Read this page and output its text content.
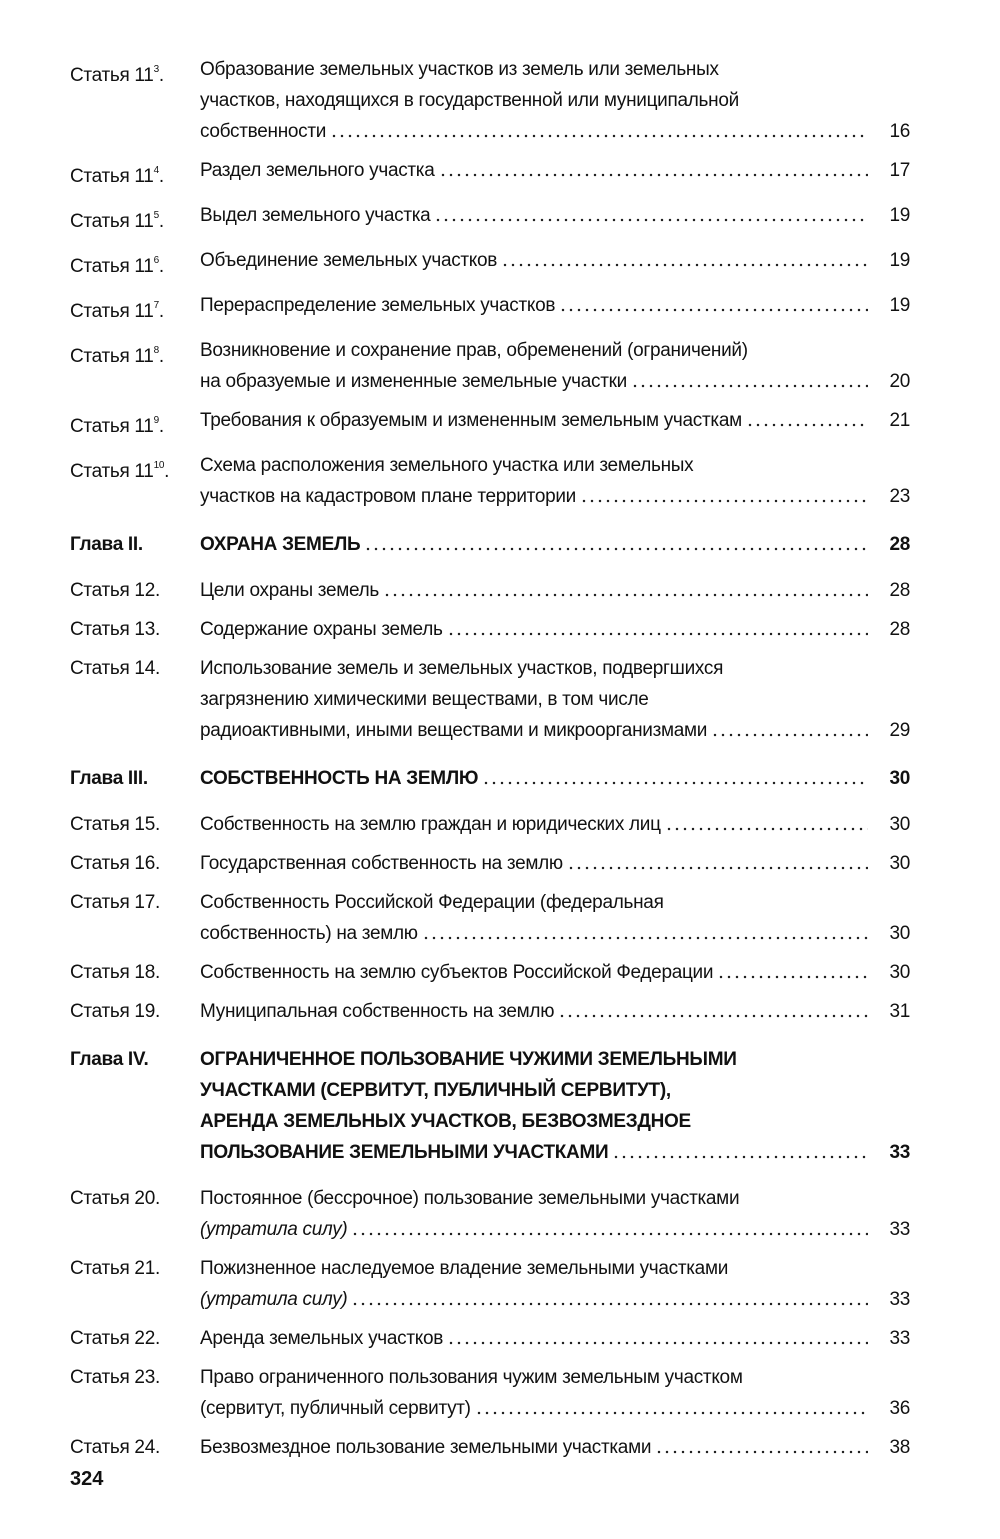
Статья $11^3$.	Образование земельных участков из земель или земельных
участков, находящихся в государственной или муниципальной
собственности	16
Статья $11^4$.	Раздел земельного участка	17
Статья $11^5$.	Выдел земельного участка	19
Статья $11^6$.	Объединение земельных участков	19
Статья $11^7$.	Перераспределение земельных участков	19
Статья $11^8$.	Возникновение и сохранение прав, обременений (ограничений)
на образуемые и измененные земельные участки	20
Статья $11^9$.	Требования к образуемым и измененным земельным участкам	21
Статья $11^{10}$.	Схема расположения земельного участка или земельных
участков на кадастровом плане территории	23
Глава II.	ОХРАНА ЗЕМЕЛЬ	28
Статья 12.	Цели охраны земель	28
Статья 13.	Содержание охраны земель	28
Статья 14.	Использование земель и земельных участков, подвергшихся
загрязнению химическими веществами, в том числе
радиоактивными, иными веществами и микроорганизмами	29
Глава III.	СОБСТВЕННОСТЬ НА ЗЕМЛЮ	30
Статья 15.	Собственность на землю граждан и юридических лиц	30
Статья 16.	Государственная собственность на землю	30
Статья 17.	Собственность Российской Федерации (федеральная
собственность) на землю	30
Статья 18.	Собственность на землю субъектов Российской Федерации	30
Статья 19.	Муниципальная собственность на землю	31
Глава IV.	ОГРАНИЧЕННОЕ ПОЛЬЗОВАНИЕ ЧУЖИМИ ЗЕМЕЛЬНЫМИ
УЧАСТКАМИ (СЕРВИТУТ, ПУБЛИЧНЫЙ СЕРВИТУТ),
АРЕНДА ЗЕМЕЛЬНЫХ УЧАСТКОВ, БЕЗВОЗМЕЗДНОЕ
ПОЛЬЗОВАНИЕ ЗЕМЕЛЬНЫМИ УЧАСТКАМИ	33
Статья 20.	Постоянное (бессрочное) пользование земельными участками
(утратила силу)	33
Статья 21.	Пожизненное наследуемое владение земельными участками
(утратила силу)	33
Статья 22.	Аренда земельных участков	33
Статья 23.	Право ограниченного пользования чужим земельным участком
(сервитут, публичный сервитут)	36
Статья 24.	Безвозмездное пользование земельными участками	38
324
